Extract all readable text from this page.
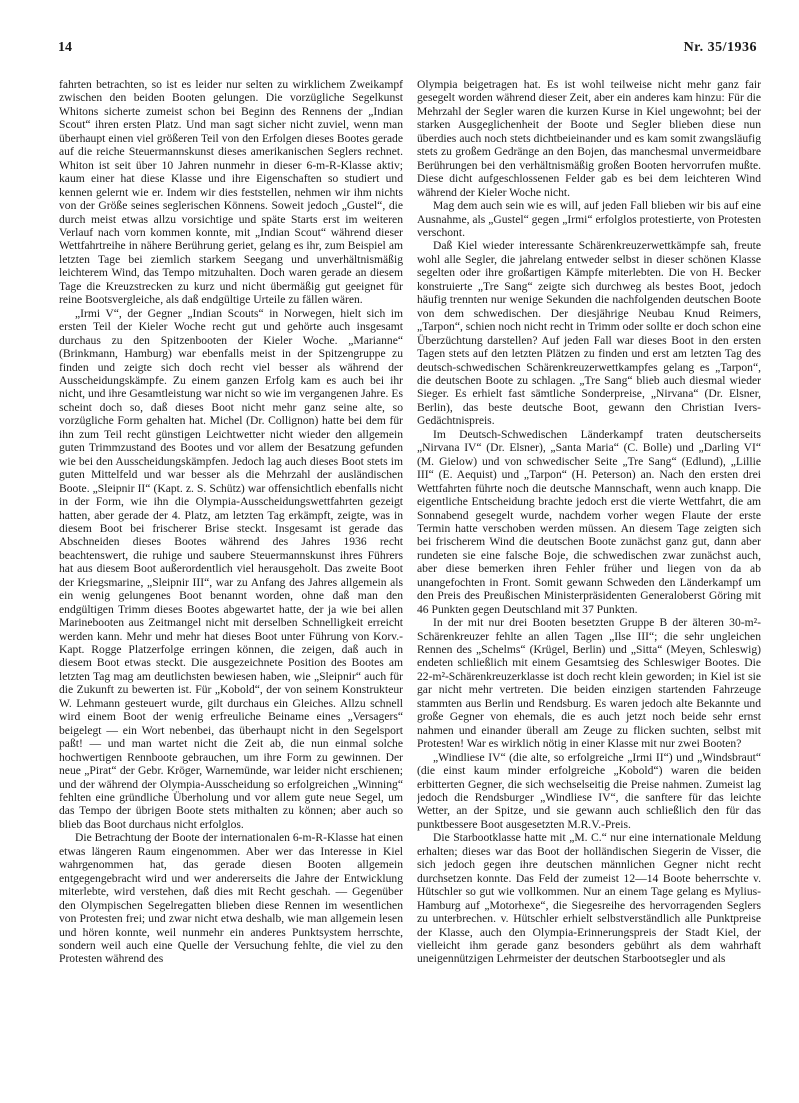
14	Nr. 35/1936

fahrten betrachten, so ist es leider nur selten zu wirklichem Zweikampf zwischen den beiden Booten gelungen. Die vorzügliche Segelkunst Whitons sicherte zumeist schon bei Beginn des Rennens der „Indian Scout“ ihren ersten Platz. Und man sagt sicher nicht zuviel, wenn man überhaupt einen viel größeren Teil von den Erfolgen dieses Bootes gerade auf die reiche Steuermannskunst dieses amerikanischen Seglers rechnet. Whiton ist seit über 10 Jahren nunmehr in dieser 6-m-R-Klasse aktiv; kaum einer hat diese Klasse und ihre Eigenschaften so studiert und kennen gelernt wie er. Indem wir dies feststellen, nehmen wir ihm nichts von der Größe seines seglerischen Könnens. Soweit jedoch „Gustel“, die durch meist etwas allzu vorsichtige und späte Starts erst im weiteren Verlauf nach vorn kommen konnte, mit „Indian Scout“ während dieser Wettfahrtreihe in nähere Berührung geriet, gelang es ihr, zum Beispiel am letzten Tage bei ziemlich starkem Seegang und unverhältnismäßig leichterem Wind, das Tempo mitzuhalten. Doch waren gerade an diesem Tage die Kreuzstrecken zu kurz und nicht übermäßig gut geeignet für reine Bootsvergleiche, als daß endgültige Urteile zu fällen wären.

„Irmi V“, der Gegner „Indian Scouts“ in Norwegen, hielt sich im ersten Teil der Kieler Woche recht gut und gehörte auch insgesamt durchaus zu den Spitzenbooten der Kieler Woche. „Marianne“ (Brinkmann, Hamburg) war ebenfalls meist in der Spitzengruppe zu finden und zeigte sich doch recht viel besser als während der Ausscheidungskämpfe. Zu einem ganzen Erfolg kam es auch bei ihr nicht, und ihre Gesamtleistung war nicht so wie im vergangenen Jahre. Es scheint doch so, daß dieses Boot nicht mehr ganz seine alte, so vorzügliche Form gehalten hat. Michel (Dr. Collignon) hatte bei dem für ihn zum Teil recht günstigen Leichtwetter nicht wieder den allgemein guten Trimmzustand des Bootes und vor allem der Besatzung gefunden wie bei den Ausscheidungskämpfen. Jedoch lag auch dieses Boot stets im guten Mittelfeld und war besser als die Mehrzahl der ausländischen Boote. „Sleipnir II“ (Kapt. z. S. Schütz) war offensichtlich ebenfalls nicht in der Form, wie ihn die Olympia-Ausscheidungswettfahrten gezeigt hatten, aber gerade der 4. Platz, am letzten Tag erkämpft, zeigte, was in diesem Boot bei frischerer Brise steckt. Insgesamt ist gerade das Abschneiden dieses Bootes während des Jahres 1936 recht beachtenswert, die ruhige und saubere Steuermannskunst ihres Führers hat aus diesem Boot außerordentlich viel herausgeholt. Das zweite Boot der Kriegsmarine, „Sleipnir III“, war zu Anfang des Jahres allgemein als ein wenig gelungenes Boot benannt worden, ohne daß man den endgültigen Trimm dieses Bootes abgewartet hatte, der ja wie bei allen Marinebooten aus Zeitmangel nicht mit derselben Schnelligkeit erreicht werden kann. Mehr und mehr hat dieses Boot unter Führung von Korv.-Kapt. Rogge Platzerfolge erringen können, die zeigen, daß auch in diesem Boot etwas steckt. Die ausgezeichnete Position des Bootes am letzten Tag mag am deutlichsten bewiesen haben, wie „Sleipnir“ auch für die Zukunft zu bewerten ist. Für „Kobold“, der von seinem Konstrukteur W. Lehmann gesteuert wurde, gilt durchaus ein Gleiches. Allzu schnell wird einem Boot der wenig erfreuliche Beiname eines „Versagers“ beigelegt — ein Wort nebenbei, das überhaupt nicht in den Segelsport paßt! — und man wartet nicht die Zeit ab, die nun einmal solche hochwertigen Rennboote gebrauchen, um ihre Form zu gewinnen. Der neue „Pirat“ der Gebr. Kröger, Warnemünde, war leider nicht erschienen; und der während der Olympia-Ausscheidung so erfolgreichen „Winning“ fehlten eine gründliche Überholung und vor allem gute neue Segel, um das Tempo der übrigen Boote stets mithalten zu können; aber auch so blieb das Boot durchaus nicht erfolglos.

Die Betrachtung der Boote der internationalen 6-m-R-Klasse hat einen etwas längeren Raum eingenommen. Aber wer das Interesse in Kiel wahrgenommen hat, das gerade diesen Booten allgemein entgegengebracht wird und wer andererseits die Jahre der Entwicklung miterlebte, wird verstehen, daß dies mit Recht geschah. — Gegenüber den Olympischen Segelregatten blieben diese Rennen im wesentlichen von Protesten frei; und zwar nicht etwa deshalb, wie man allgemein lesen und hören konnte, weil nunmehr ein anderes Punktsystem herrschte, sondern weil auch eine Quelle der Versuchung fehlte, die viel zu den Protesten während des

Olympia beigetragen hat. Es ist wohl teilweise nicht mehr ganz fair gesegelt worden während dieser Zeit, aber ein anderes kam hinzu: Für die Mehrzahl der Segler waren die kurzen Kurse in Kiel ungewohnt; bei der starken Ausgeglichenheit der Boote und Segler blieben diese nun überdies auch noch stets dichtbeieinander und es kam somit zwangsläufig stets zu großem Gedränge an den Bojen, das manchesmal unvermeidbare Berührungen bei den verhältnismäßig großen Booten hervorrufen mußte. Diese dicht aufgeschlossenen Felder gab es bei dem leichteren Wind während der Kieler Woche nicht.

Mag dem auch sein wie es will, auf jeden Fall blieben wir bis auf eine Ausnahme, als „Gustel“ gegen „Irmi“ erfolglos protestierte, von Protesten verschont.

Daß Kiel wieder interessante Schärenkreuzerwettkämpfe sah, freute wohl alle Segler, die jahrelang entweder selbst in dieser schönen Klasse segelten oder ihre großartigen Kämpfe miterlebten. Die von H. Becker konstruierte „Tre Sang“ zeigte sich durchweg als bestes Boot, jedoch häufig trennten nur wenige Sekunden die nachfolgenden deutschen Boote von dem schwedischen. Der diesjährige Neubau Knud Reimers, „Tarpon“, schien noch nicht recht in Trimm oder sollte er doch schon eine Überzüchtung darstellen? Auf jeden Fall war dieses Boot in den ersten Tagen stets auf den letzten Plätzen zu finden und erst am letzten Tag des deutsch-schwedischen Schärenkreuzerwettkampfes gelang es „Tarpon“, die deutschen Boote zu schlagen. „Tre Sang“ blieb auch diesmal wieder Sieger. Es erhielt fast sämtliche Sonderpreise, „Nirvana“ (Dr. Elsner, Berlin), das beste deutsche Boot, gewann den Christian Ivers-Gedächtnispreis.

Im Deutsch-Schwedischen Länderkampf traten deutscherseits „Nirvana IV“ (Dr. Elsner), „Santa Maria“ (C. Bolle) und „Darling VI“ (M. Gielow) und von schwedischer Seite „Tre Sang“ (Edlund), „Lillie III“ (E. Aequist) und „Tarpon“ (H. Peterson) an. Nach den ersten drei Wettfahrten führte noch die deutsche Mannschaft, wenn auch knapp. Die eigentliche Entscheidung brachte jedoch erst die vierte Wettfahrt, die am Sonnabend gesegelt wurde, nachdem vorher wegen Flaute der erste Termin hatte verschoben werden müssen. An diesem Tage zeigten sich bei frischerem Wind die deutschen Boote zunächst ganz gut, dann aber rundeten sie eine falsche Boje, die schwedischen zwar zunächst auch, aber diese bemerken ihren Fehler früher und liegen von da ab unangefochten in Front. Somit gewann Schweden den Länderkampf um den Preis des Preußischen Ministerpräsidenten Generaloberst Göring mit 46 Punkten gegen Deutschland mit 37 Punkten.

In der mit nur drei Booten besetzten Gruppe B der älteren 30-m²-Schärenkreuzer fehlte an allen Tagen „Ilse III“; die sehr ungleichen Rennen des „Schelms“ (Krügel, Berlin) und „Sitta“ (Meyen, Schleswig) endeten schließlich mit einem Gesamtsieg des Schleswiger Bootes. Die 22-m²-Schärenkreuzerklasse ist doch recht klein geworden; in Kiel ist sie gar nicht mehr vertreten. Die beiden einzigen startenden Fahrzeuge stammten aus Berlin und Rendsburg. Es waren jedoch alte Bekannte und große Gegner von ehemals, die es auch jetzt noch beide sehr ernst nahmen und einander überall am Zeuge zu flicken suchten, selbst mit Protesten! War es wirklich nötig in einer Klasse mit nur zwei Booten?

„Windliese IV“ (die alte, so erfolgreiche „Irmi II“) und „Windsbraut“ (die einst kaum minder erfolgreiche „Kobold“) waren die beiden erbitterten Gegner, die sich wechselseitig die Preise nahmen. Zumeist lag jedoch die Rendsburger „Windliese IV“, die sanftere für das leichte Wetter, an der Spitze, und sie gewann auch schließlich den für das punktbessere Boot ausgesetzten M.R.V.-Preis.

Die Starbootklasse hatte mit „M. C.“ nur eine internationale Meldung erhalten; dieses war das Boot der holländischen Siegerin de Visser, die sich jedoch gegen ihre deutschen männlichen Gegner nicht recht durchsetzen konnte. Das Feld der zumeist 12—14 Boote beherrschte v. Hütschler so gut wie vollkommen. Nur an einem Tage gelang es Mylius-Hamburg auf „Motorhexe“, die Siegesreihe des hervorragenden Seglers zu unterbrechen. v. Hütschler erhielt selbstverständlich alle Punktpreise der Klasse, auch den Olympia-Erinnerungspreis der Stadt Kiel, der vielleicht ihm gerade ganz besonders gebührt als dem wahrhaft uneigennützigen Lehrmeister der deutschen Starbootsegler und als
